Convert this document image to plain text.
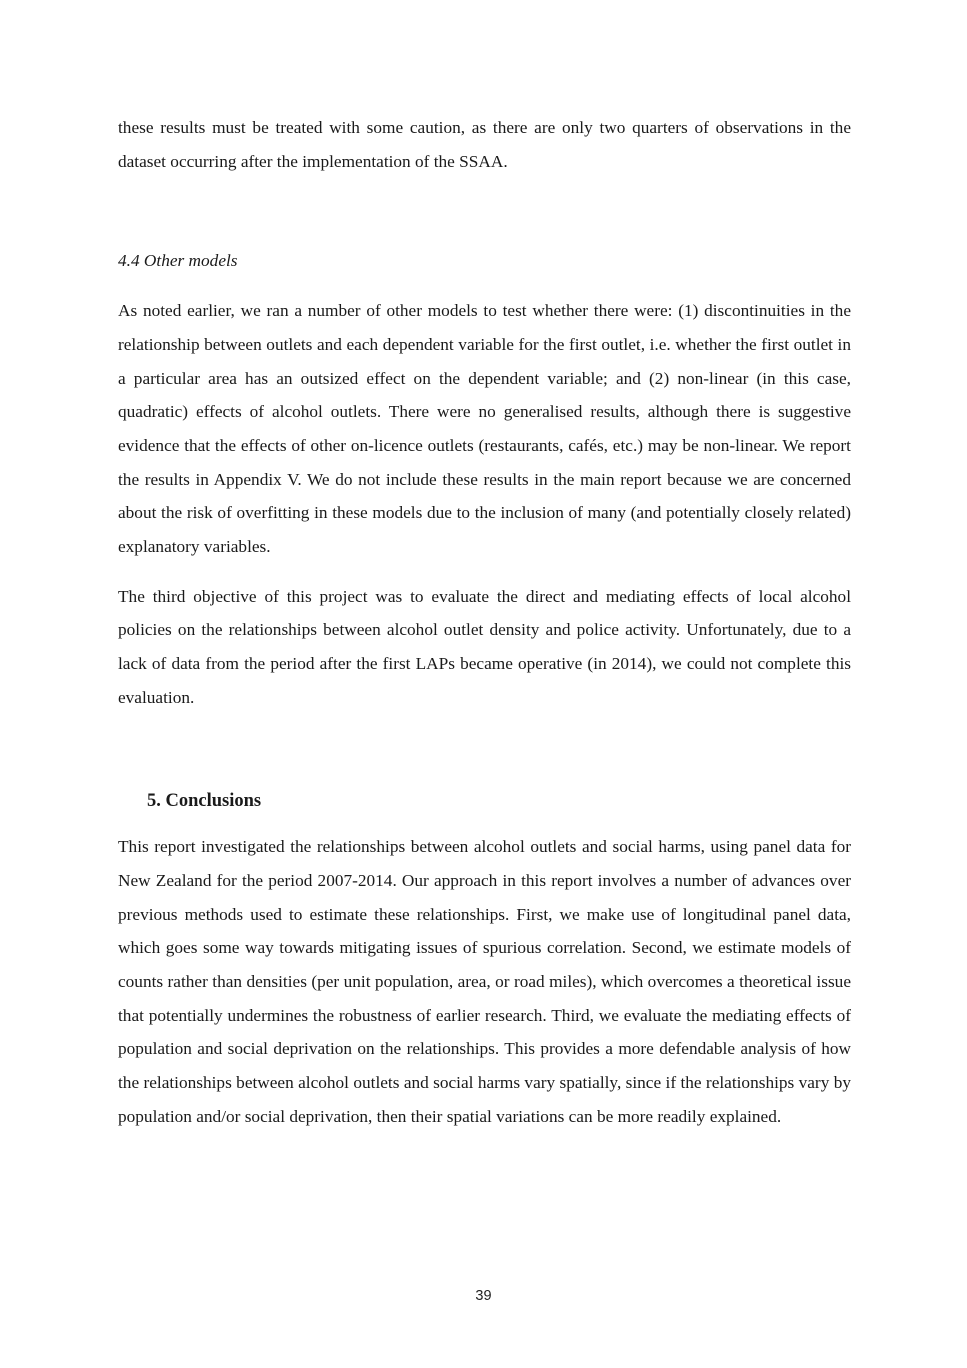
these results must be treated with some caution, as there are only two quarters of observations in the dataset occurring after the implementation of the SSAA.

4.4 Other models

As noted earlier, we ran a number of other models to test whether there were: (1) discontinuities in the relationship between outlets and each dependent variable for the first outlet, i.e. whether the first outlet in a particular area has an outsized effect on the dependent variable; and (2) non-linear (in this case, quadratic) effects of alcohol outlets. There were no generalised results, although there is suggestive evidence that the effects of other on-licence outlets (restaurants, cafés, etc.) may be non-linear. We report the results in Appendix V. We do not include these results in the main report because we are concerned about the risk of overfitting in these models due to the inclusion of many (and potentially closely related) explanatory variables.

The third objective of this project was to evaluate the direct and mediating effects of local alcohol policies on the relationships between alcohol outlet density and police activity. Unfortunately, due to a lack of data from the period after the first LAPs became operative (in 2014), we could not complete this evaluation.

5. Conclusions

This report investigated the relationships between alcohol outlets and social harms, using panel data for New Zealand for the period 2007-2014. Our approach in this report involves a number of advances over previous methods used to estimate these relationships. First, we make use of longitudinal panel data, which goes some way towards mitigating issues of spurious correlation. Second, we estimate models of counts rather than densities (per unit population, area, or road miles), which overcomes a theoretical issue that potentially undermines the robustness of earlier research. Third, we evaluate the mediating effects of population and social deprivation on the relationships. This provides a more defendable analysis of how the relationships between alcohol outlets and social harms vary spatially, since if the relationships vary by population and/or social deprivation, then their spatial variations can be more readily explained.

39
